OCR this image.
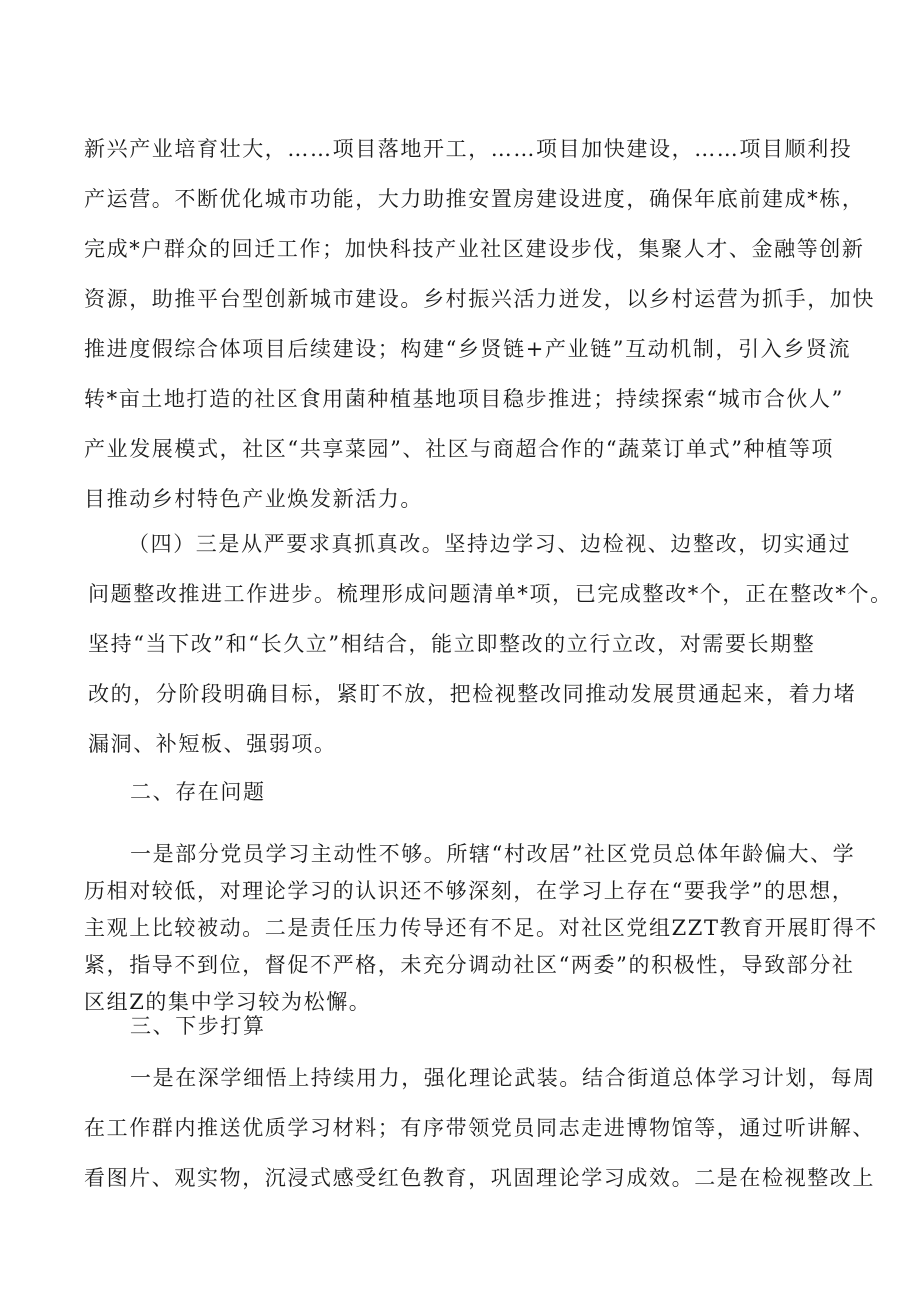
新兴产业培育壮大，……项目落地开工，……项目加快建设，……项目顺利投
产运营。不断优化城市功能，大力助推安置房建设进度，确保年底前建成*栋，
完成*户群众的回迁工作；加快科技产业社区建设步伐，集聚人才、金融等创新
资源，助推平台型创新城市建设。乡村振兴活力迸发，以乡村运营为抓手，加快
推进度假综合体项目后续建设；构建“乡贤链+产业链”互动机制，引入乡贤流
转*亩土地打造的社区食用菌种植基地项目稳步推进；持续探索“城市合伙人”
产业发展模式，社区“共享菜园”、社区与商超合作的“蔬菜订单式”种植等项
目推动乡村特色产业焕发新活力。

（四）三是从严要求真抓真改。坚持边学习、边检视、边整改，切实通过
问题整改推进工作进步。梳理形成问题清单*项，已完成整改*个，正在整改*个。
坚持“当下改”和“长久立”相结合，能立即整改的立行立改，对需要长期整
改的，分阶段明确目标，紧盯不放，把检视整改同推动发展贯通起来，着力堵
漏洞、补短板、强弱项。

二、存在问题

一是部分党员学习主动性不够。所辖“村改居”社区党员总体年龄偏大、学
历相对较低，对理论学习的认识还不够深刻，在学习上存在“要我学”的思想，
主观上比较被动。二是责任压力传导还有不足。对社区党组ZZT教育开展盯得不
紧，指导不到位，督促不严格，未充分调动社区“两委”的积极性，导致部分社
区组Z的集中学习较为松懈。

三、下步打算

一是在深学细悟上持续用力，强化理论武装。结合街道总体学习计划，每周
在工作群内推送优质学习材料；有序带领党员同志走进博物馆等，通过听讲解、
看图片、观实物，沉浸式感受红色教育，巩固理论学习成效。二是在检视整改上
